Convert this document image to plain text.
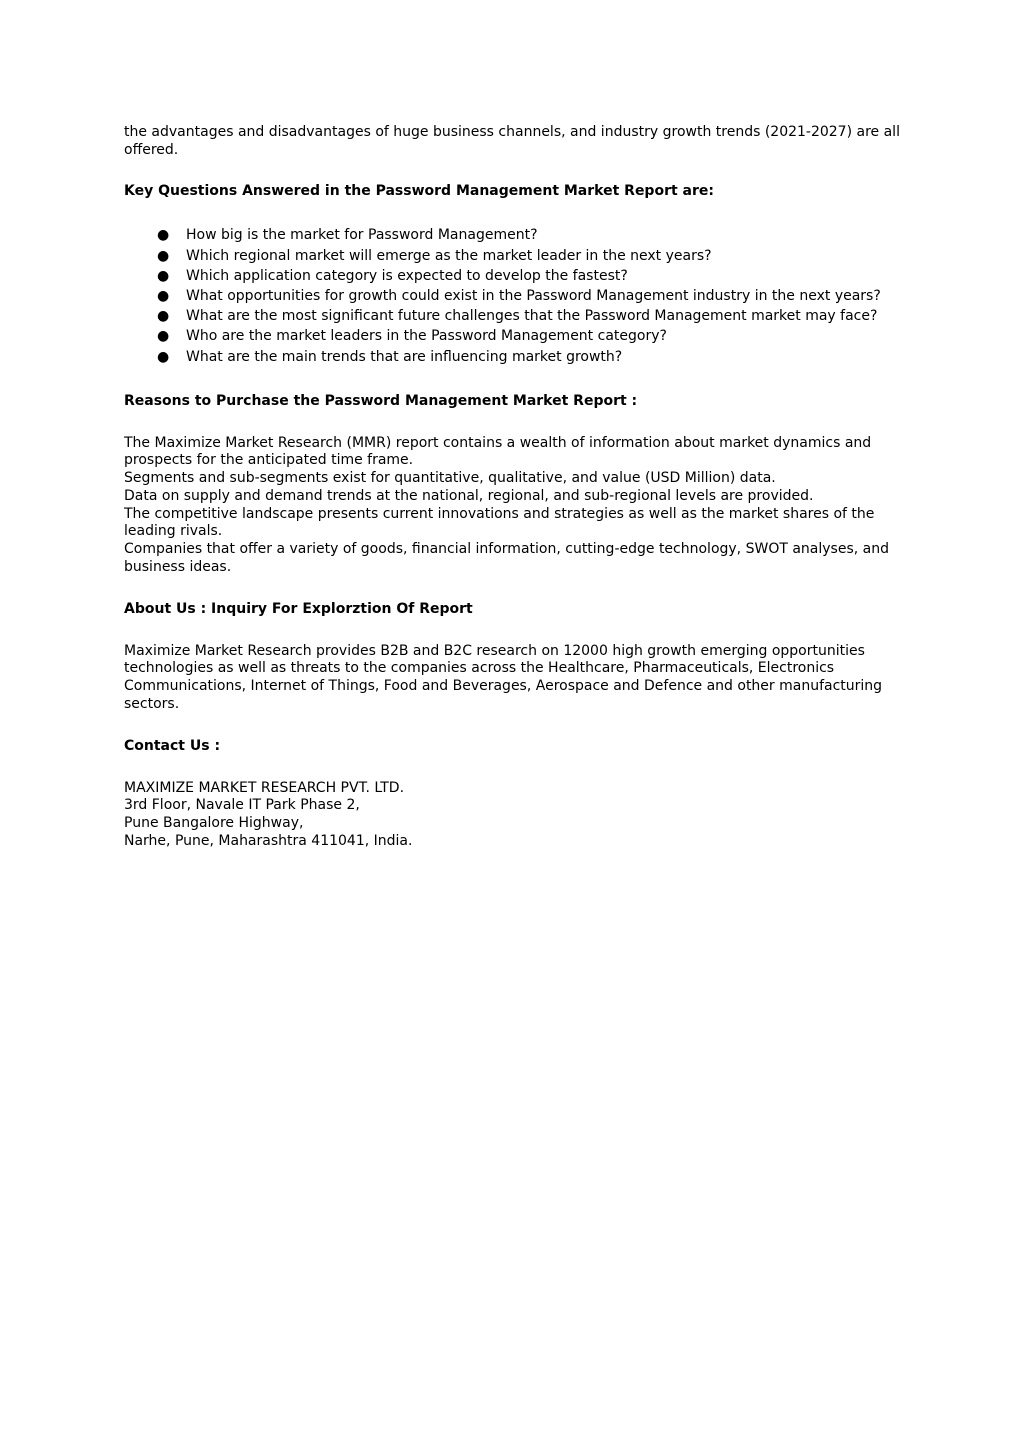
the advantages and disadvantages of huge business channels, and industry growth trends (2021-2027) are all offered.

Key Questions Answered in the Password Management Market Report are:

● How big is the market for Password Management?
● Which regional market will emerge as the market leader in the next years?
● Which application category is expected to develop the fastest?
● What opportunities for growth could exist in the Password Management industry in the next years?
● What are the most significant future challenges that the Password Management market may face?
● Who are the market leaders in the Password Management category?
● What are the main trends that are influencing market growth?

Reasons to Purchase the Password Management Market Report :

The Maximize Market Research (MMR) report contains a wealth of information about market dynamics and prospects for the anticipated time frame.
Segments and sub-segments exist for quantitative, qualitative, and value (USD Million) data.
Data on supply and demand trends at the national, regional, and sub-regional levels are provided.
The competitive landscape presents current innovations and strategies as well as the market shares of the leading rivals.
Companies that offer a variety of goods, financial information, cutting-edge technology, SWOT analyses, and business ideas.

About Us : Inquiry For Explorztion Of Report

Maximize Market Research provides B2B and B2C research on 12000 high growth emerging opportunities technologies as well as threats to the companies across the Healthcare, Pharmaceuticals, Electronics Communications, Internet of Things, Food and Beverages, Aerospace and Defence and other manufacturing sectors.

Contact Us :

MAXIMIZE MARKET RESEARCH PVT. LTD.
3rd Floor, Navale IT Park Phase 2,
Pune Bangalore Highway,
Narhe, Pune, Maharashtra 411041, India.
